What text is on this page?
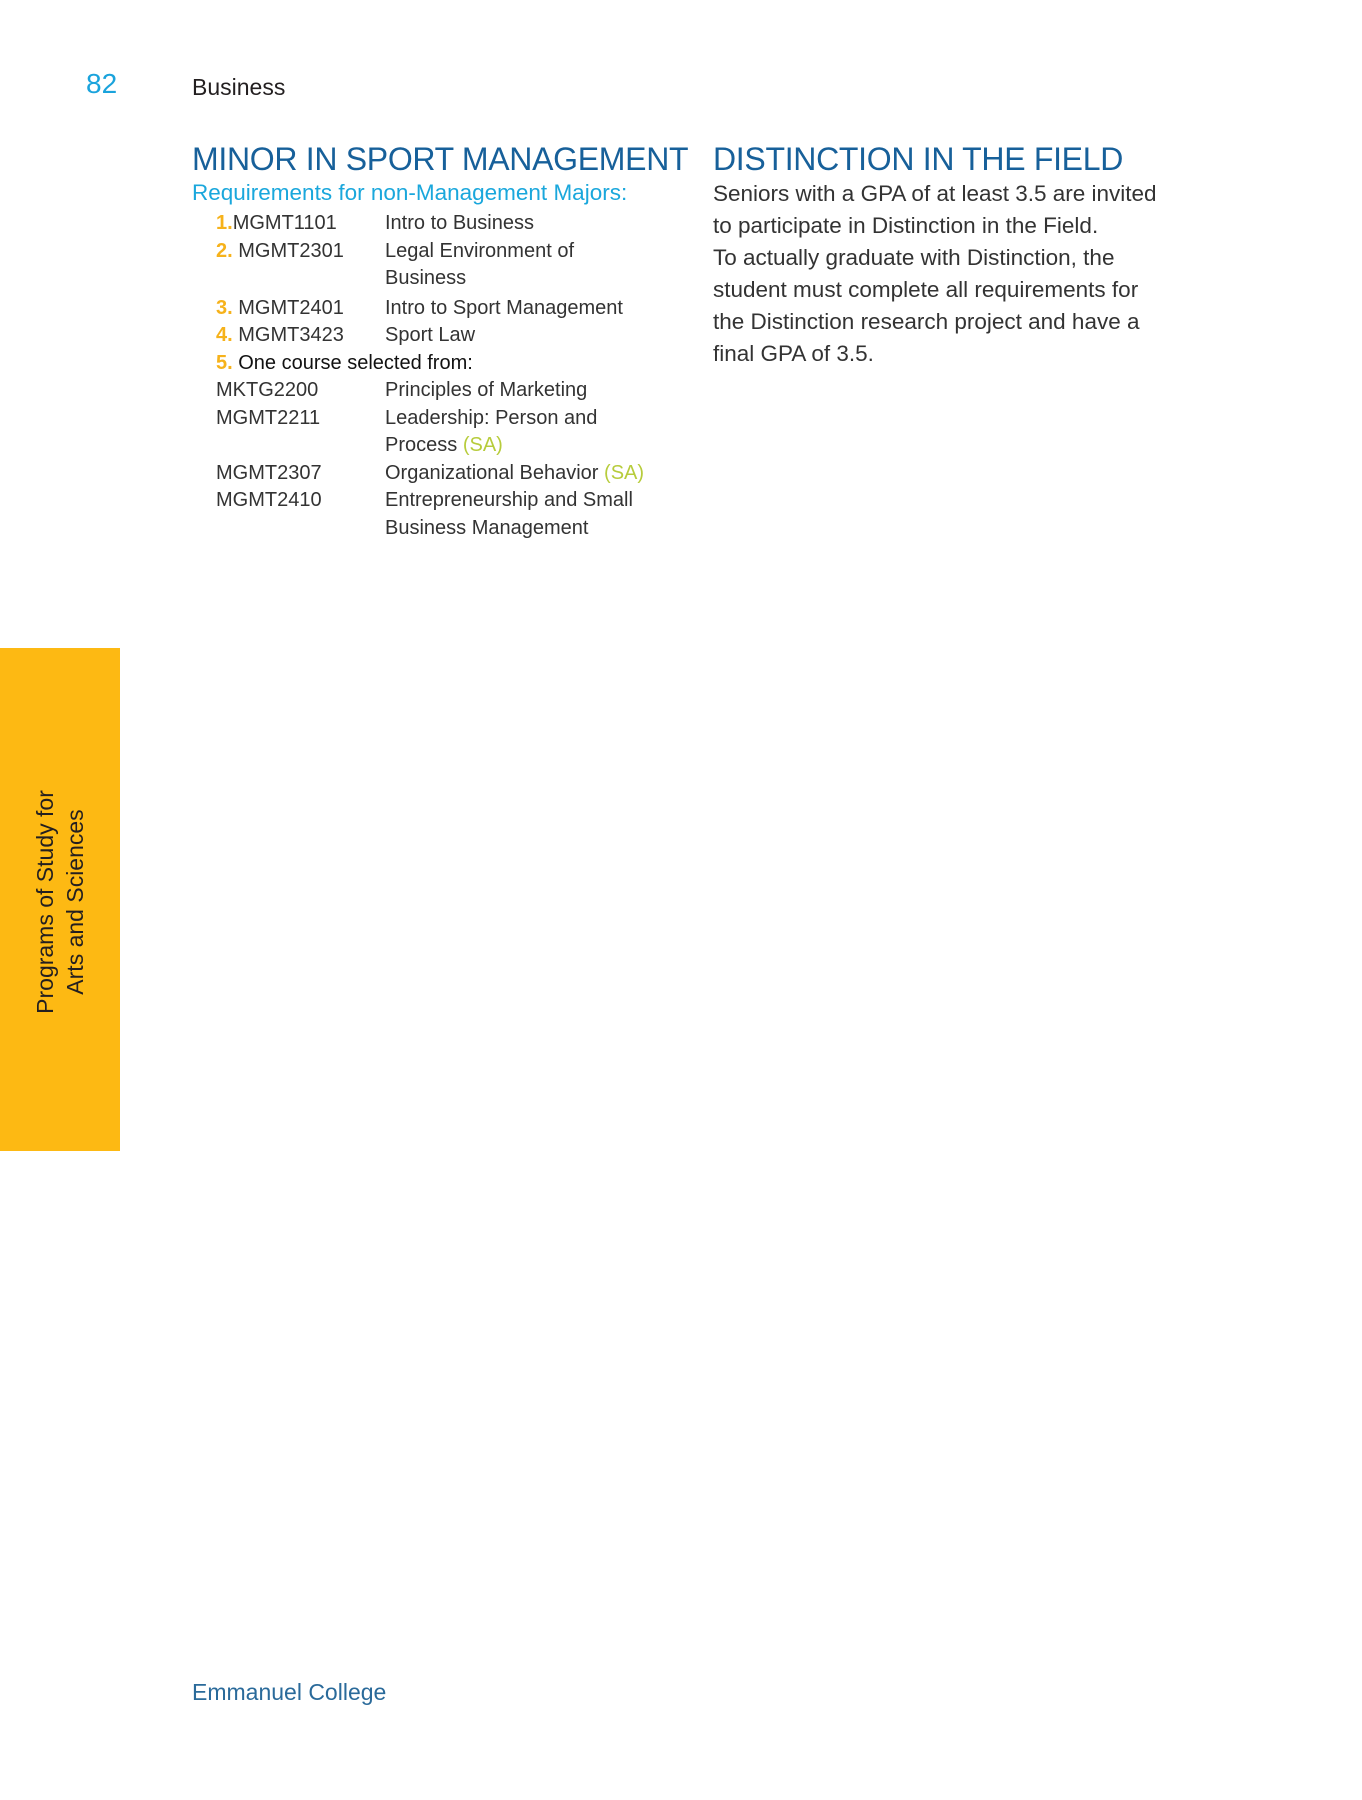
82	Business
MINOR IN SPORT MANAGEMENT
Requirements for non-Management Majors:
1.MGMT1101	Intro to Business
2. MGMT2301	Legal Environment of Business
3. MGMT2401	Intro to Sport Management
4. MGMT3423	Sport Law
5. One course selected from:
MKTG2200	Principles of Marketing
MGMT2211	Leadership: Person and Process (SA)
MGMT2307	Organizational Behavior (SA)
MGMT2410	Entrepreneurship and Small Business Management
DISTINCTION IN THE FIELD
Seniors with a GPA of at least 3.5 are invited
to participate in Distinction in the Field.
To actually graduate with Distinction, the
student must complete all requirements for
the Distinction research project and have a
final GPA of 3.5.
Programs of Study for Arts and Sciences
Emmanuel College
